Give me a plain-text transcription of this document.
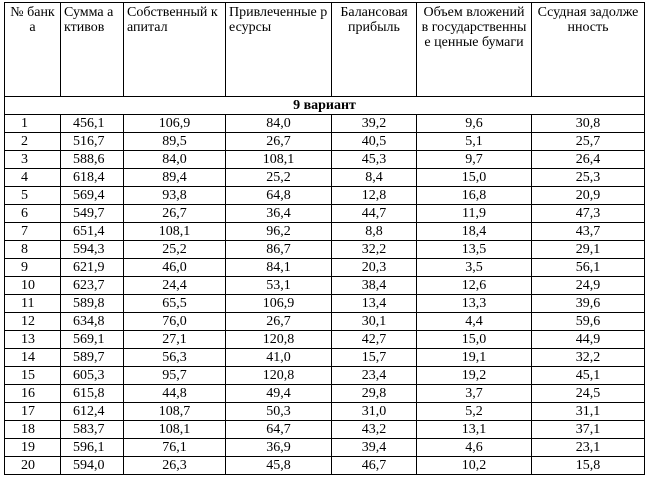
№ банка	Сумма активов	Собственный капитал	Привлеченные ресурсы	Балансовая прибыль	Объем вложений в государственные ценные бумаги	Ссудная задолженность
9 вариант						
1	456,1	106,9	84,0	39,2	9,6	30,8
2	516,7	89,5	26,7	40,5	5,1	25,7
3	588,6	84,0	108,1	45,3	9,7	26,4
4	618,4	89,4	25,2	8,4	15,0	25,3
5	569,4	93,8	64,8	12,8	16,8	20,9
6	549,7	26,7	36,4	44,7	11,9	47,3
7	651,4	108,1	96,2	8,8	18,4	43,7
8	594,3	25,2	86,7	32,2	13,5	29,1
9	621,9	46,0	84,1	20,3	3,5	56,1
10	623,7	24,4	53,1	38,4	12,6	24,9
11	589,8	65,5	106,9	13,4	13,3	39,6
12	634,8	76,0	26,7	30,1	4,4	59,6
13	569,1	27,1	120,8	42,7	15,0	44,9
14	589,7	56,3	41,0	15,7	19,1	32,2
15	605,3	95,7	120,8	23,4	19,2	45,1
16	615,8	44,8	49,4	29,8	3,7	24,5
17	612,4	108,7	50,3	31,0	5,2	31,1
18	583,7	108,1	64,7	43,2	13,1	37,1
19	596,1	76,1	36,9	39,4	4,6	23,1
20	594,0	26,3	45,8	46,7	10,2	15,8
